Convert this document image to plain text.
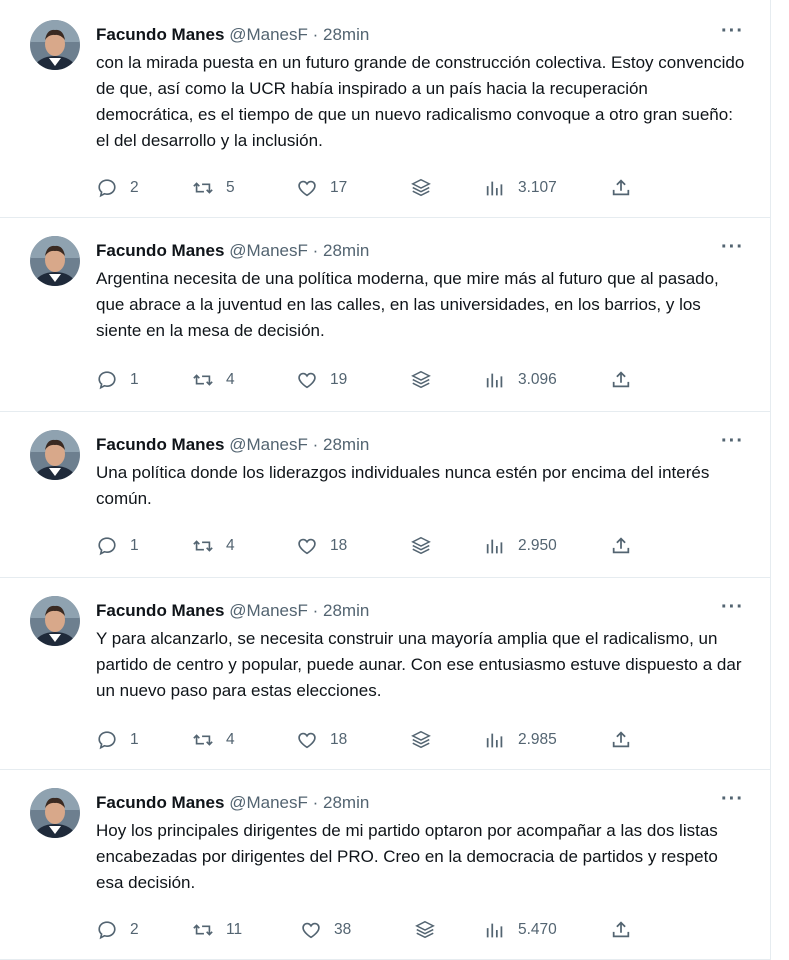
Facundo Manes @ManesF · 28min	···
con la mirada puesta en un futuro grande de construcción colectiva. Estoy convencido de que, así como la UCR había inspirado a un país hacia la recuperación democrática, es el tiempo de que un nuevo radicalismo convoque a otro gran sueño: el del desarrollo y la inclusión.
2	5	17	3.107
Facundo Manes @ManesF · 28min	···
Argentina necesita de una política moderna, que mire más al futuro que al pasado, que abrace a la juventud en las calles, en las universidades, en los barrios, y los siente en la mesa de decisión.
1	4	19	3.096
Facundo Manes @ManesF · 28min	···
Una política donde los liderazgos individuales nunca estén por encima del interés común.
1	4	18	2.950
Facundo Manes @ManesF · 28min	···
Y para alcanzarlo, se necesita construir una mayoría amplia que el radicalismo, un partido de centro y popular, puede aunar. Con ese entusiasmo estuve dispuesto a dar un nuevo paso para estas elecciones.
1	4	18	2.985
Facundo Manes @ManesF · 28min	···
Hoy los principales dirigentes de mi partido optaron por acompañar a las dos listas encabezadas por dirigentes del PRO. Creo en la democracia de partidos y respeto esa decisión.
2	11	38	5.470
